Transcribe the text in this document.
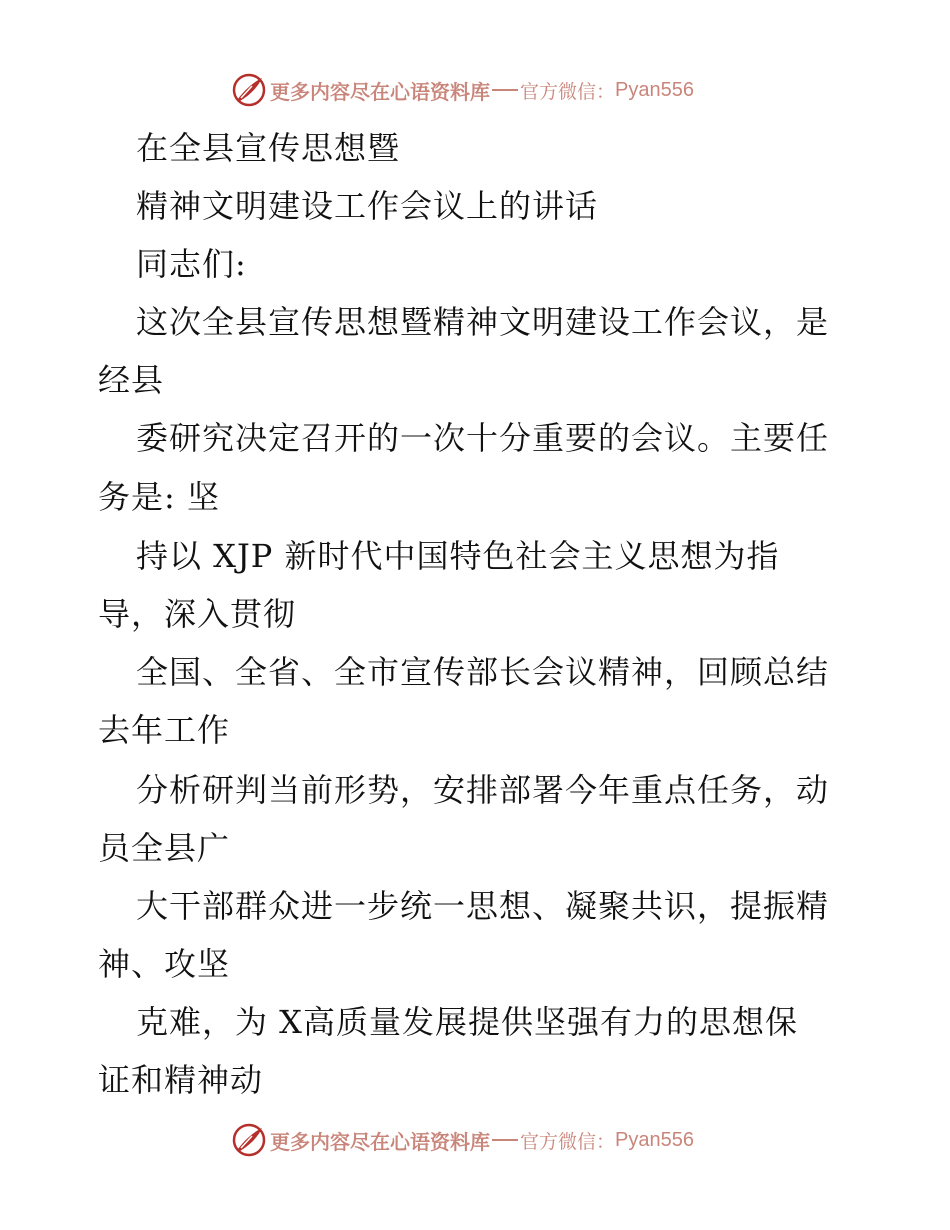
更多内容尽在心语资料库 官方微信： Pyan556
在全县宣传思想暨
精神文明建设工作会议上的讲话
同志们:
这次全县宣传思想暨精神文明建设工作会议，是
经县
委研究决定召开的一次十分重要的会议。主要任
务是: 坚
持以 XJP 新时代中国特色社会主义思想为指
导，深入贯彻
全国、全省、全市宣传部长会议精神，回顾总结
去年工作
分析研判当前形势，安排部署今年重点任务，动
员全县广
大干部群众进一步统一思想、凝聚共识，提振精
神、攻坚
克难，为 X高质量发展提供坚强有力的思想保
证和精神动
更多内容尽在心语资料库 官方微信： Pyan556
